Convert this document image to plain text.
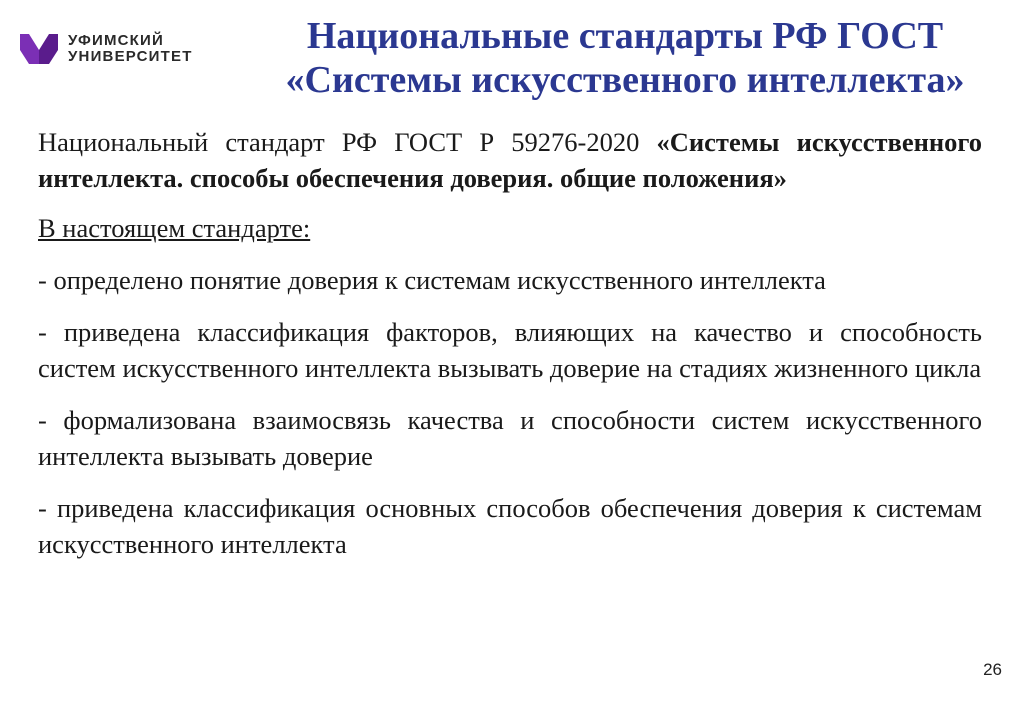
УФИМСКИЙ
УНИВЕРСИТЕТ	Национальные стандарты РФ ГОСТ
«Системы искусственного интеллекта»

Национальный стандарт РФ ГОСТ Р 59276-2020 «Системы искусственного интеллекта. способы обеспечения доверия. общие положения»

В настоящем стандарте:

- определено понятие доверия к системам искусственного интеллекта

- приведена классификация факторов, влияющих на качество и способность систем искусственного интеллекта вызывать доверие на стадиях жизненного цикла

- формализована взаимосвязь качества и способности систем искусственного интеллекта вызывать доверие

- приведена классификация основных способов обеспечения доверия к системам искусственного интеллекта

26
